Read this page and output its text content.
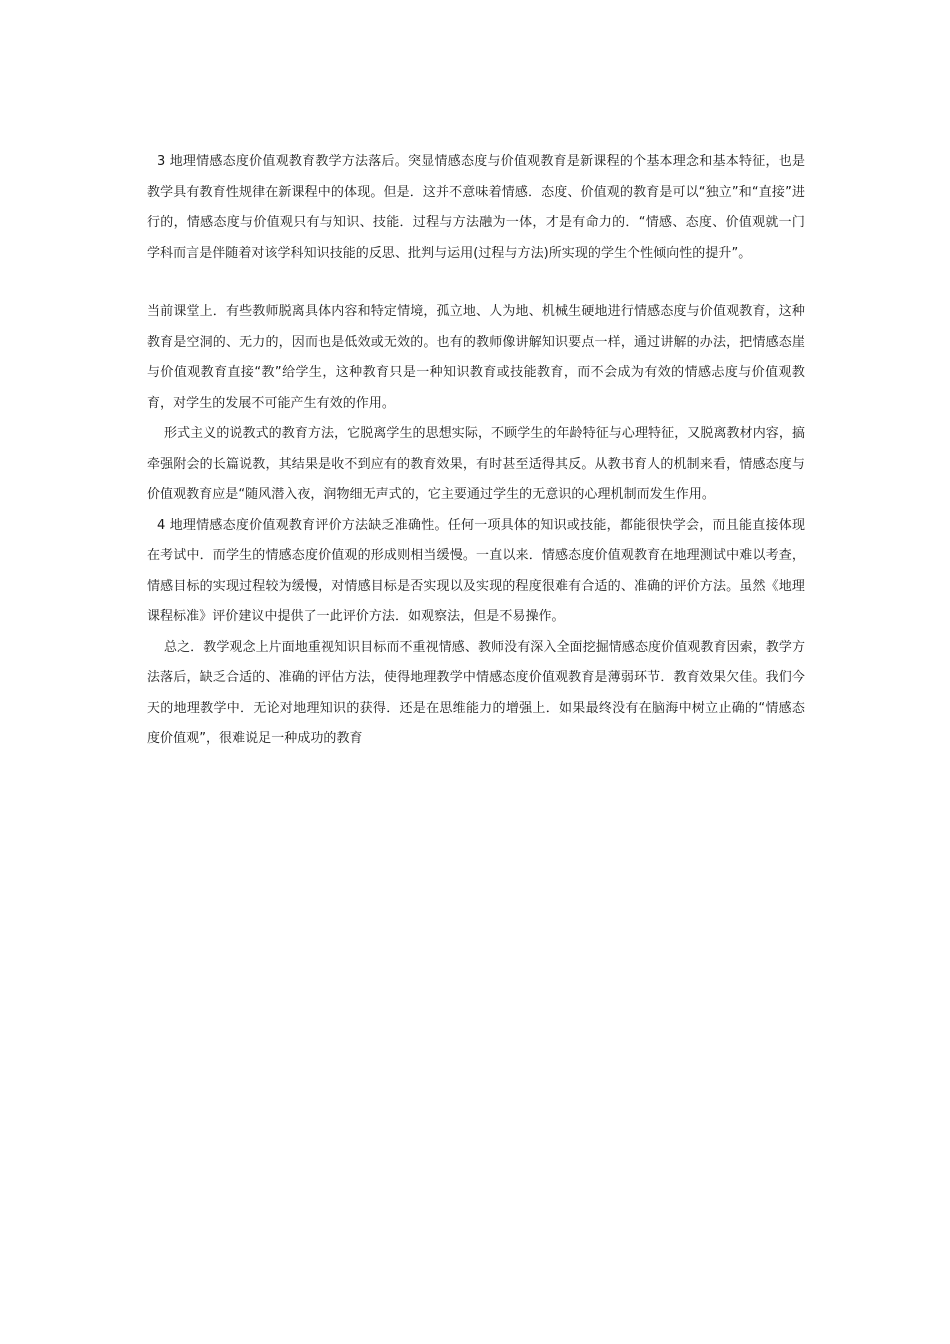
3 地理情感态度价值观教育教学方法落后。突显情感态度与价值观教育是新课程的个基本理念和基本特征，也是教学具有教育性规律在新课程中的体现。但是．这并不意味着情感．态度、价值观的教育是可以“独立”和“直接”进行的，情感态度与价值观只有与知识、技能．过程与方法融为一体，才是有命力的．“情感、态度、价值观就一门学科而言是伴随着对该学科知识技能的反思、批判与运用(过程与方法)所实现的学生个性倾向性的提升”。

当前课堂上．有些教师脱离具体内容和特定情境，孤立地、人为地、机械生硬地进行情感态度与价值观教育，这种教育是空洞的、无力的，因而也是低效或无效的。也有的教师像讲解知识要点一样，通过讲解的办法，把情感态崖与价值观教育直接“教”给学生，这种教育只是一种知识教育或技能教育，而不会成为有效的情感忐度与价值观教育，对学生的发展不可能产生有效的作用。

形式主义的说教式的教育方法，它脱离学生的思想实际，不顾学生的年龄特征与心理特征，又脱离教材内容，搞牵强附会的长篇说教，其结果是收不到应有的教育效果，有时甚至适得其反。从教书育人的机制来看，情感态度与价值观教育应是“随风潜入夜，润物细无声式的，它主要通过学生的无意识的心理机制而发生作用。

4 地理情感态度价值观教育评价方法缺乏准确性。任何一项具体的知识或技能，都能很快学会，而且能直接体现在考试中．而学生的情感态度价值观的形成则相当缓慢。一直以来．情感态度价值观教育在地理测试中难以考查，情感目标的实现过程较为缓慢，对情感目标是否实现以及实现的程度很难有合适的、准确的评价方法。虽然《地理课程标准》评价建议中提供了一此评价方法．如观察法，但是不易操作。

总之．教学观念上片面地重视知识目标而不重视情感、教师没有深入全面挖掘情感态度价值观教育因索，教学方法落后，缺乏合适的、准确的评估方法，使得地理教学中情感态度价值观教育是薄弱环节．教育效果欠佳。我们今天的地理教学中．无论对地理知识的获得．还是在思维能力的增强上．如果最终没有在脑海中树立止确的“情感态度价值观”，很难说足一种成功的教育
